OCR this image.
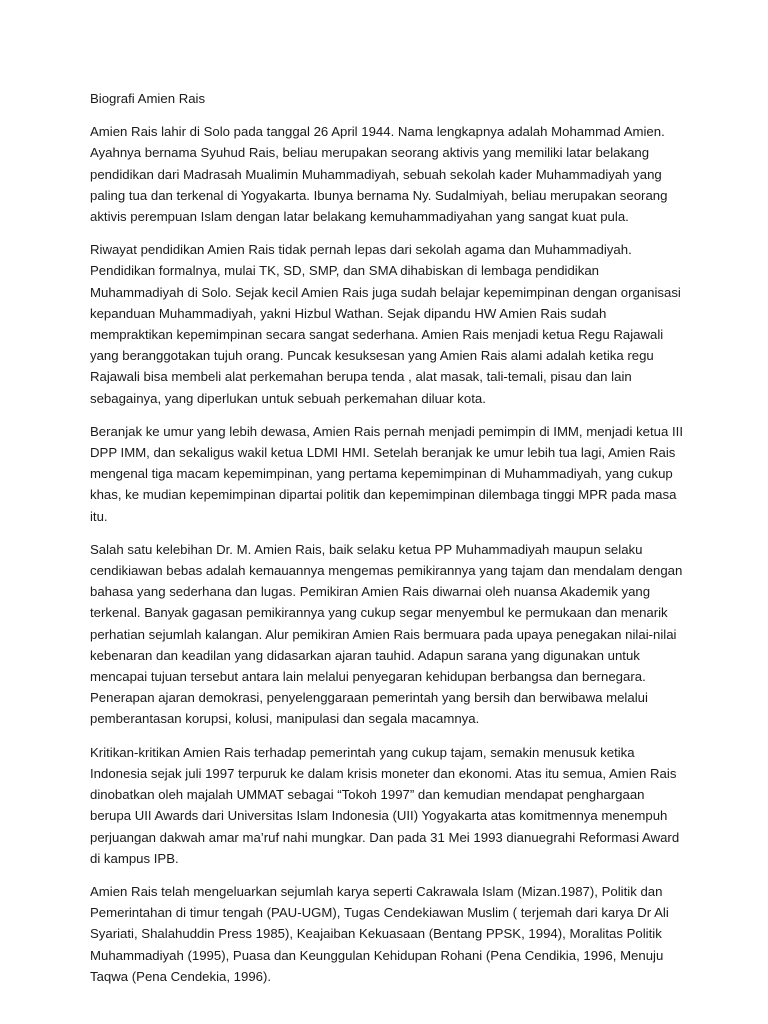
Biografi Amien Rais

Amien Rais lahir di Solo pada tanggal 26 April 1944. Nama lengkapnya adalah Mohammad Amien. Ayahnya bernama Syuhud Rais, beliau merupakan seorang aktivis yang memiliki latar belakang pendidikan dari Madrasah Mualimin Muhammadiyah, sebuah sekolah kader Muhammadiyah yang paling tua dan terkenal di Yogyakarta. Ibunya bernama Ny. Sudalmiyah, beliau merupakan seorang aktivis perempuan Islam dengan latar belakang kemuhammadiyahan yang sangat kuat pula.

Riwayat pendidikan Amien Rais tidak pernah lepas dari sekolah agama dan Muhammadiyah. Pendidikan formalnya, mulai TK, SD, SMP, dan SMA dihabiskan di lembaga pendidikan Muhammadiyah di Solo. Sejak kecil Amien Rais juga sudah belajar kepemimpinan dengan organisasi kepanduan Muhammadiyah, yakni Hizbul Wathan. Sejak dipandu HW Amien Rais sudah mempraktikan kepemimpinan secara sangat sederhana. Amien Rais menjadi ketua Regu Rajawali yang beranggotakan tujuh orang. Puncak kesuksesan yang Amien Rais alami adalah ketika regu Rajawali bisa membeli alat perkemahan berupa tenda , alat masak, tali-temali, pisau dan lain sebagainya, yang diperlukan untuk sebuah perkemahan diluar kota.

Beranjak ke umur yang lebih dewasa, Amien Rais pernah menjadi pemimpin di IMM, menjadi ketua III DPP IMM, dan sekaligus wakil ketua LDMI HMI. Setelah beranjak ke umur lebih tua lagi, Amien Rais mengenal tiga macam kepemimpinan, yang pertama kepemimpinan di Muhammadiyah, yang cukup khas, ke mudian kepemimpinan dipartai politik dan kepemimpinan dilembaga tinggi MPR pada masa itu.

Salah satu kelebihan Dr. M. Amien Rais, baik selaku ketua PP Muhammadiyah maupun selaku cendikiawan bebas adalah kemauannya mengemas pemikirannya yang tajam dan mendalam dengan bahasa yang sederhana dan lugas. Pemikiran Amien Rais diwarnai oleh nuansa Akademik yang terkenal. Banyak gagasan pemikirannya yang cukup segar menyembul ke permukaan dan menarik perhatian sejumlah kalangan. Alur pemikiran Amien Rais bermuara pada upaya penegakan nilai-nilai kebenaran dan keadilan yang didasarkan ajaran tauhid. Adapun sarana yang digunakan untuk mencapai tujuan tersebut antara lain melalui penyegaran kehidupan berbangsa dan bernegara. Penerapan ajaran demokrasi, penyelenggaraan pemerintah yang bersih dan berwibawa melalui pemberantasan korupsi, kolusi, manipulasi dan segala macamnya.

Kritikan-kritikan Amien Rais terhadap pemerintah yang cukup tajam, semakin menusuk ketika Indonesia sejak juli 1997 terpuruk ke dalam krisis moneter dan ekonomi. Atas itu semua, Amien Rais dinobatkan oleh majalah UMMAT sebagai “Tokoh 1997” dan kemudian mendapat penghargaan berupa UII Awards dari Universitas Islam Indonesia (UII) Yogyakarta atas komitmennya menempuh perjuangan dakwah amar ma’ruf nahi mungkar. Dan pada 31 Mei 1993 dianuegrahi Reformasi Award di kampus IPB.

Amien Rais telah mengeluarkan sejumlah karya seperti Cakrawala Islam (Mizan.1987), Politik dan Pemerintahan di timur tengah (PAU-UGM), Tugas Cendekiawan Muslim ( terjemah dari karya Dr Ali Syariati, Shalahuddin Press 1985), Keajaiban Kekuasaan (Bentang PPSK, 1994), Moralitas Politik Muhammadiyah (1995), Puasa dan Keunggulan Kehidupan Rohani (Pena Cendikia, 1996, Menuju Taqwa (Pena Cendekia, 1996).
